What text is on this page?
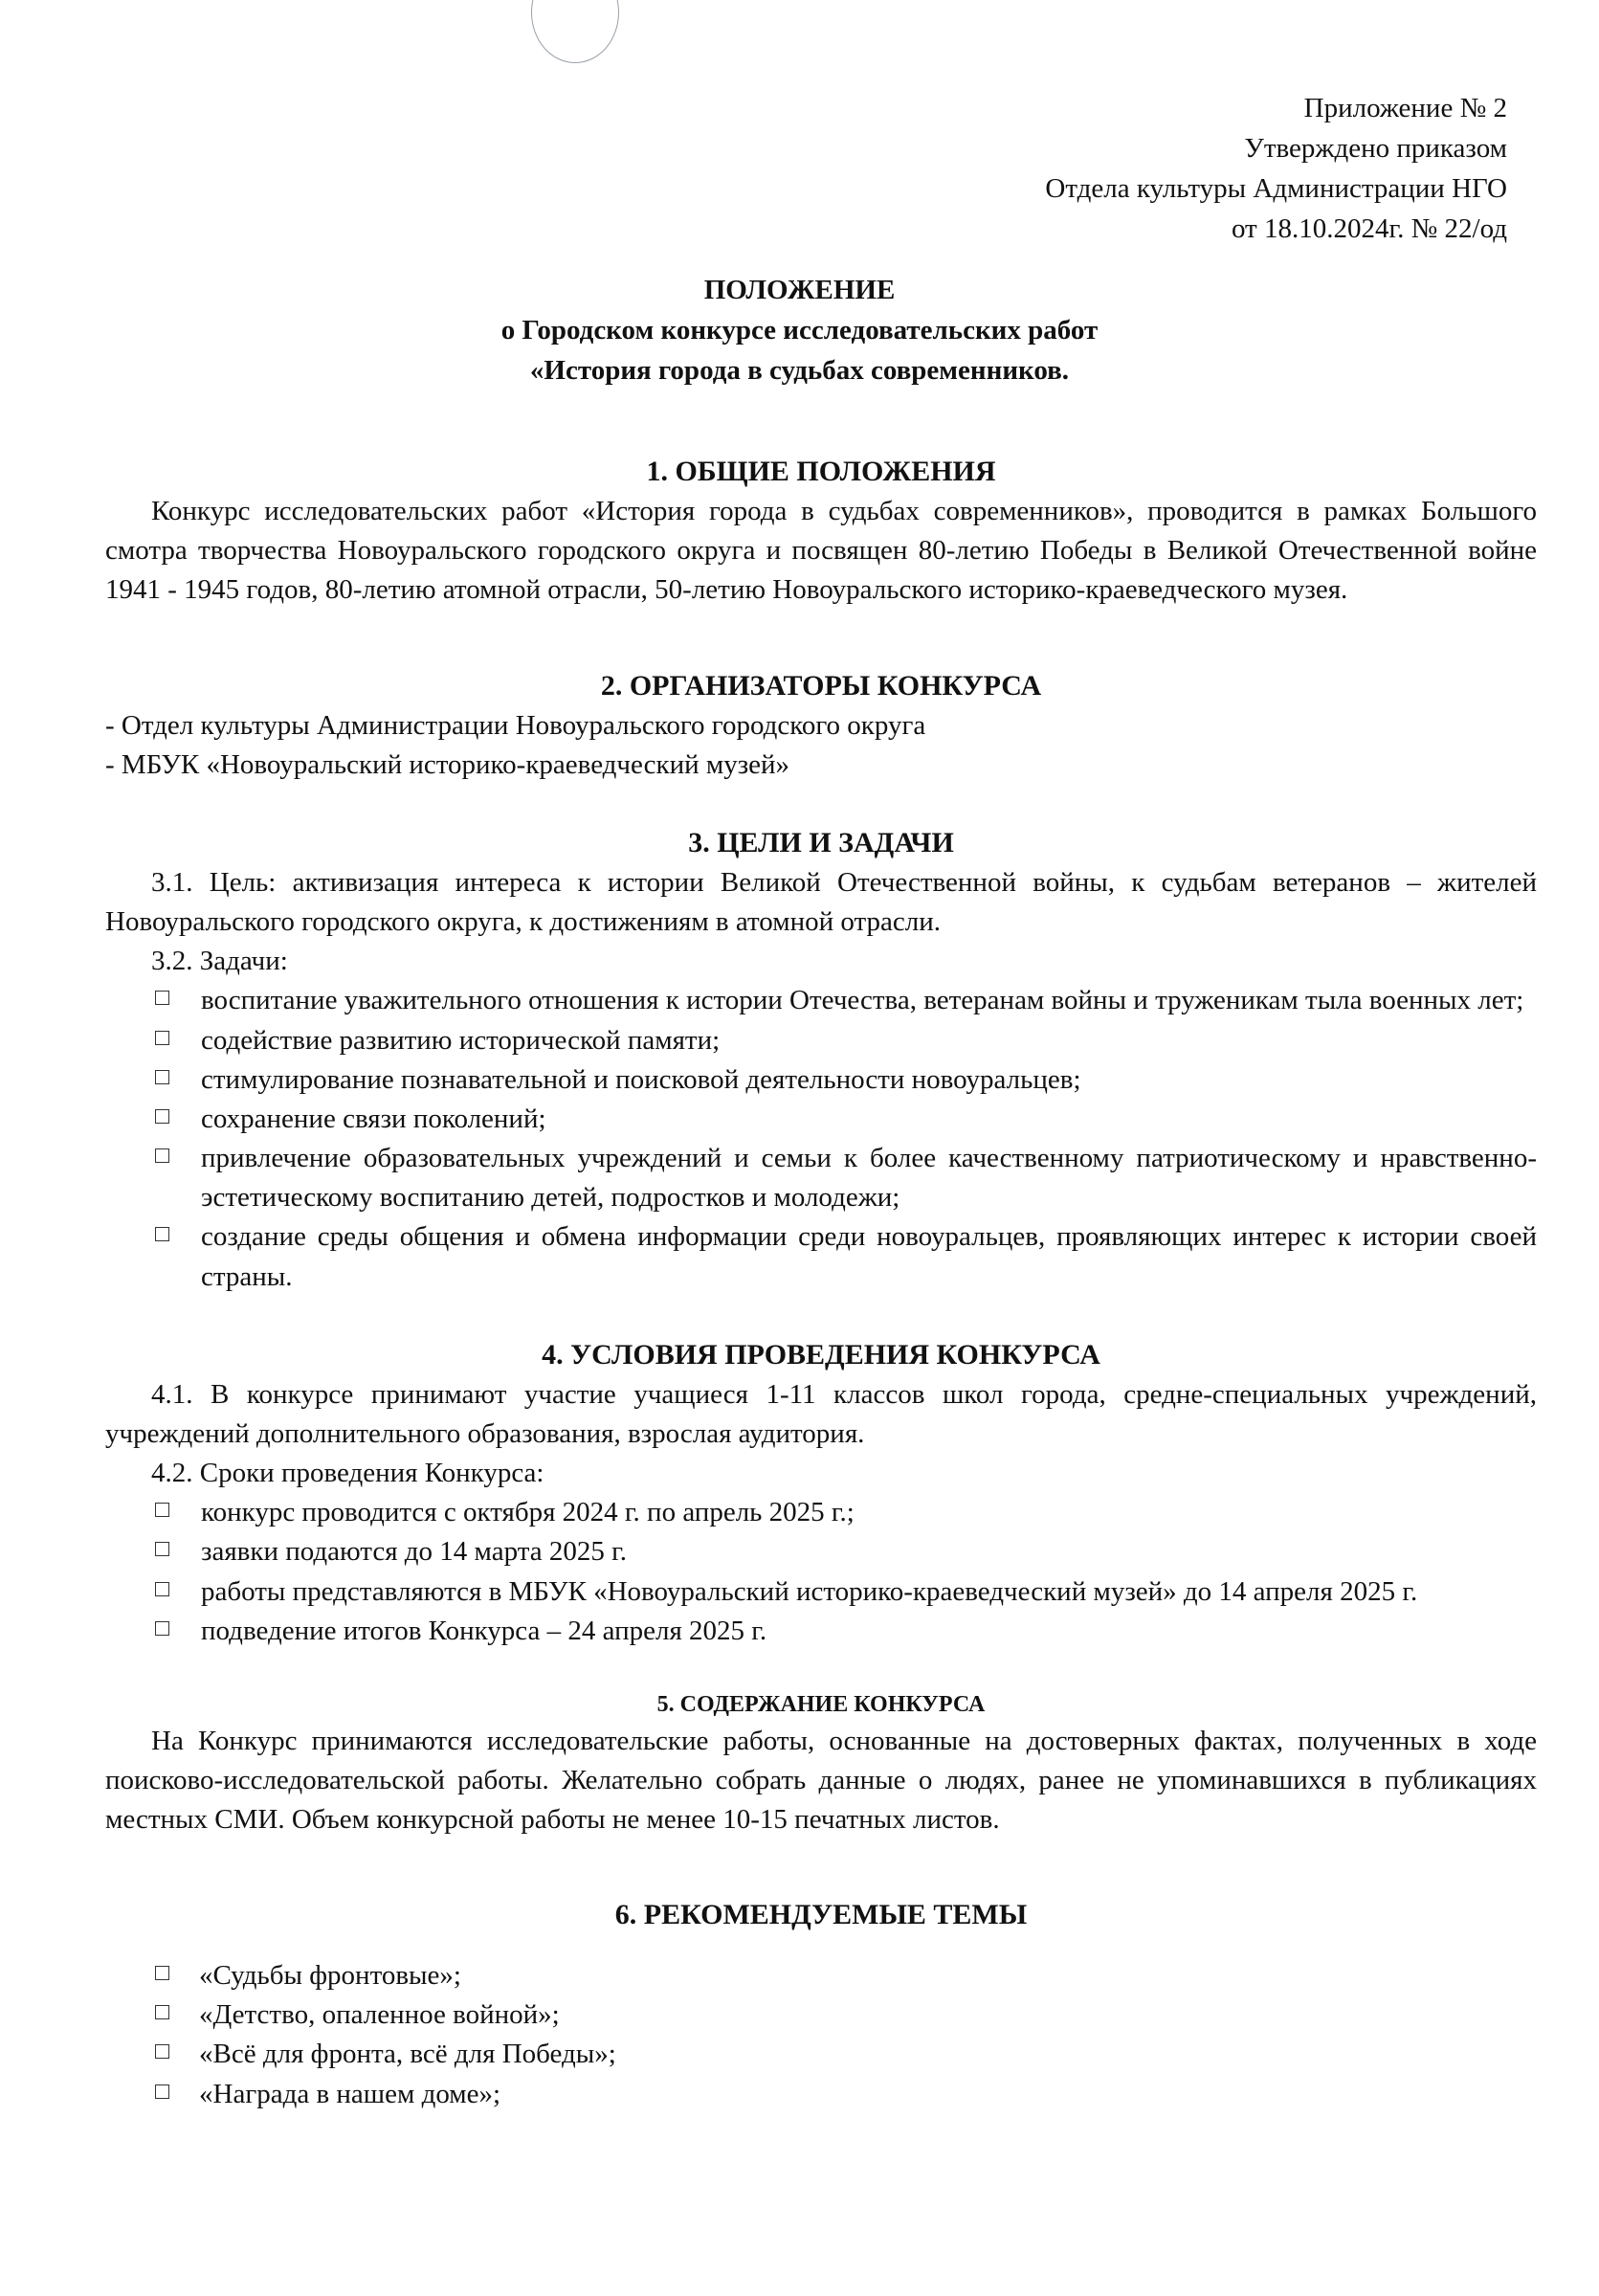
Приложение № 2
Утверждено приказом
Отдела культуры Администрации НГО
от 18.10.2024г. № 22/од
ПОЛОЖЕНИЕ
о Городском конкурсе исследовательских работ
«История города в судьбах современников.
1. ОБЩИЕ ПОЛОЖЕНИЯ

Конкурс исследовательских работ «История города в судьбах современников», проводится в рамках Большого смотра творчества Новоуральского городского округа и посвящен 80-летию Победы в Великой Отечественной войне 1941 - 1945 годов, 80-летию атомной отрасли, 50-летию Новоуральского историко-краеведческого музея.

2. ОРГАНИЗАТОРЫ КОНКУРСА

- Отдел культуры Администрации Новоуральского городского округа

- МБУК «Новоуральский историко-краеведческий музей»

3. ЦЕЛИ И ЗАДАЧИ

3.1. Цель: активизация интереса к истории Великой Отечественной войны, к судьбам ветеранов – жителей Новоуральского городского округа, к достижениям в атомной отрасли.

3.2. Задачи:

воспитание уважительного отношения к истории Отечества, ветеранам войны и труженикам тыла военных лет;
содействие развитию исторической памяти;
стимулирование познавательной и поисковой деятельности новоуральцев;
сохранение связи поколений;
привлечение образовательных учреждений и семьи к более качественному патриотическому и нравственно-эстетическому воспитанию детей, подростков и молодежи;
создание среды общения и обмена информации среди новоуральцев, проявляющих интерес к истории своей страны.
4. УСЛОВИЯ ПРОВЕДЕНИЯ КОНКУРСА

4.1. В конкурсе принимают участие учащиеся 1-11 классов школ города, средне-специальных учреждений, учреждений дополнительного образования, взрослая аудитория.

4.2. Сроки проведения Конкурса:

конкурс проводится с октября 2024 г. по апрель 2025 г.;
заявки подаются до 14 марта 2025 г.
работы представляются в МБУК «Новоуральский историко-краеведческий музей» до 14 апреля 2025 г.
подведение итогов Конкурса – 24 апреля 2025 г.
5. СОДЕРЖАНИЕ КОНКУРСА

На Конкурс принимаются исследовательские работы, основанные на достоверных фактах, полученных в ходе поисково-исследовательской работы. Желательно собрать данные о людях, ранее не упоминавшихся в публикациях местных СМИ. Объем конкурсной работы не менее 10-15 печатных листов.

6. РЕКОМЕНДУЕМЫЕ ТЕМЫ
«Судьбы фронтовые»;
«Детство, опаленное войной»;
«Всё для фронта, всё для Победы»;
«Награда в нашем доме»;
